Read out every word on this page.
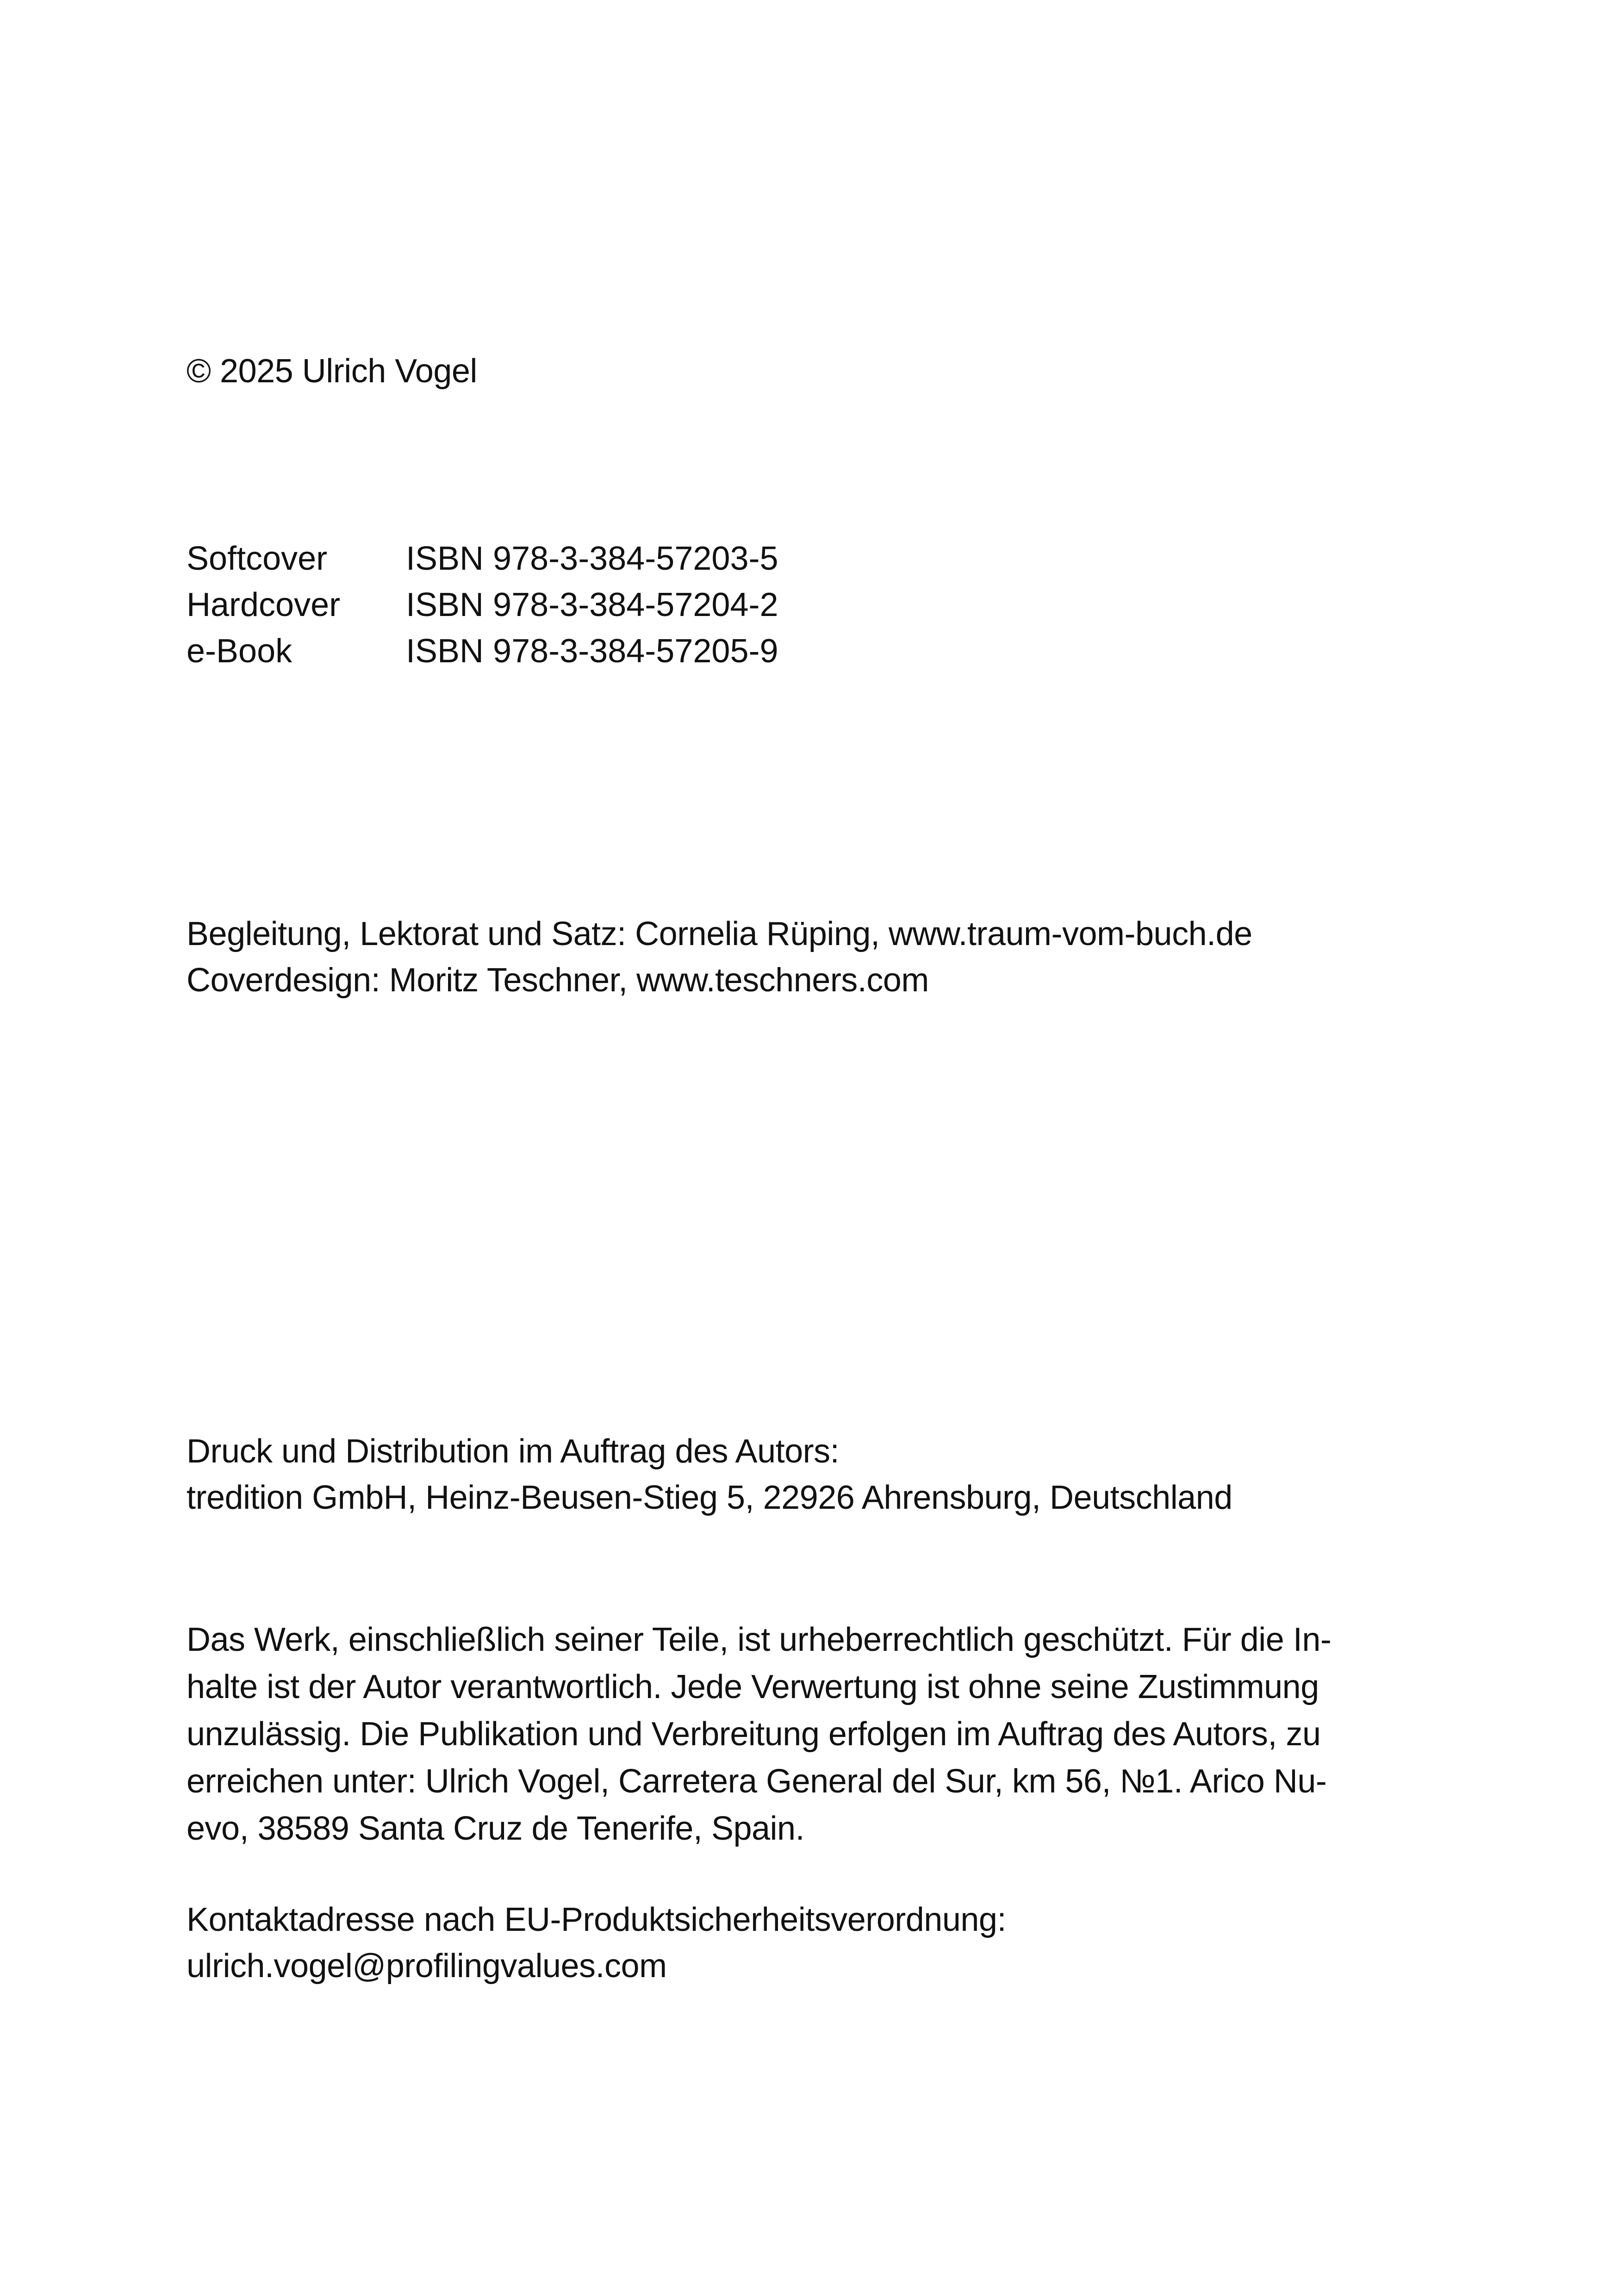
© 2025 Ulrich Vogel
Softcover ISBN 978-3-384-57203-5
Hardcover ISBN 978-3-384-57204-2
e-Book	ISBN 978-3-384-57205-9
Begleitung, Lektorat und Satz: Cornelia Rüping, www.traum-vom-buch.de
Coverdesign: Moritz Teschner, www.teschners.com
Druck und Distribution im Auftrag des Autors:
tredition GmbH, Heinz-Beusen-Stieg 5, 22926 Ahrensburg, Deutschland
Das Werk, einschließlich seiner Teile, ist urheberrechtlich geschützt. Für die In-
halte ist der Autor verantwortlich. Jede Verwertung ist ohne seine Zustimmung
unzulässig. Die Publikation und Verbreitung erfolgen im Auftrag des Autors, zu
erreichen unter: Ulrich Vogel, Carretera General del Sur, km 56, №1. Arico Nu-
evo, 38589 Santa Cruz de Tenerife, Spain.
Kontaktadresse nach EU-Produktsicherheitsverordnung:
ulrich.vogel@profilingvalues.com
